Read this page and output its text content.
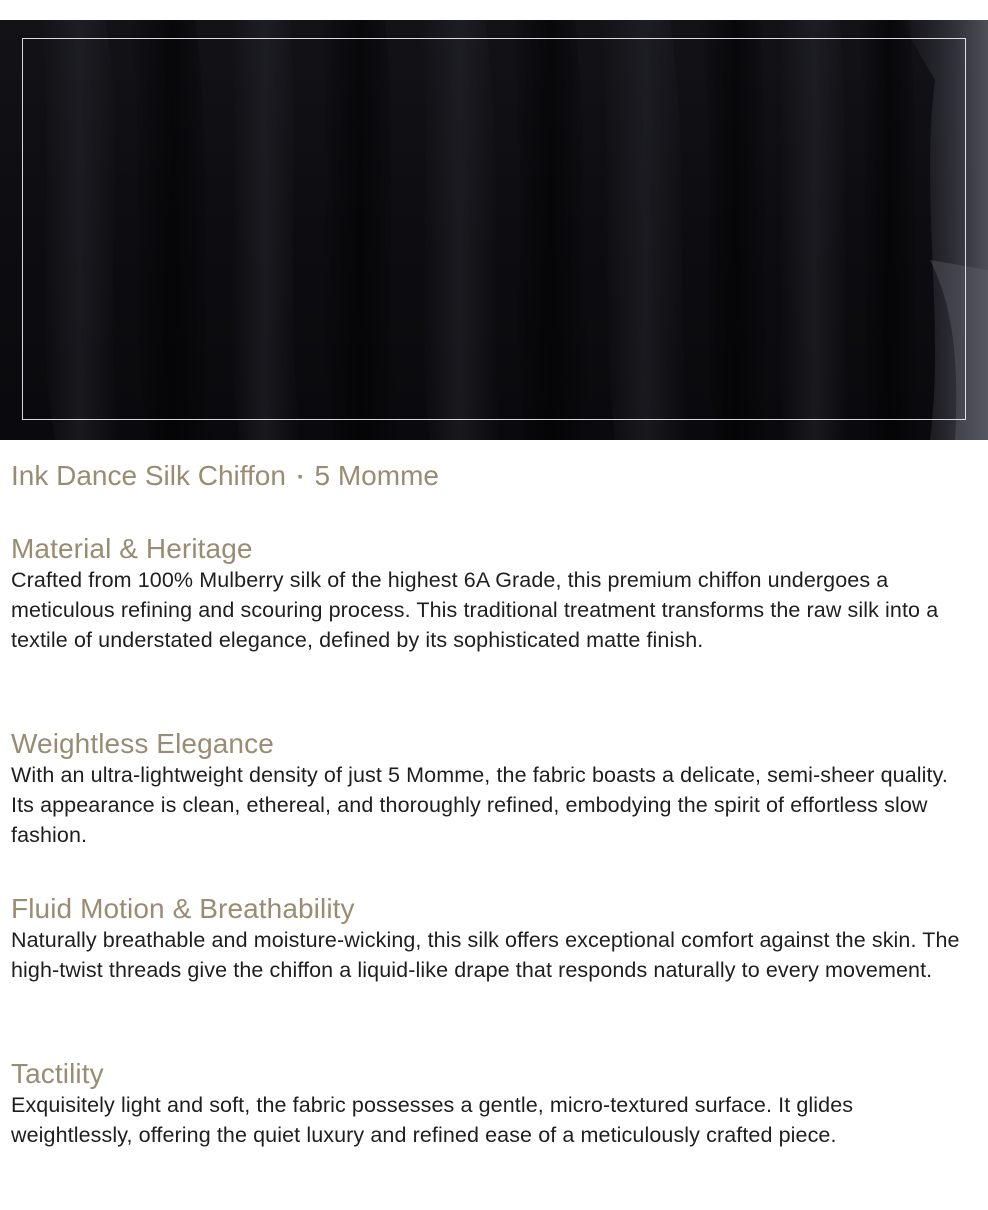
Ink Dance Silk Chiffon ▪ 5 Momme
Material & Heritage

Crafted from 100% Mulberry silk of the highest 6A Grade, this premium chiffon undergoes a meticulous refining and scouring process. This traditional treatment transforms the raw silk into a textile of understated elegance, defined by its sophisticated matte finish.

Weightless Elegance

With an ultra-lightweight density of just 5 Momme, the fabric boasts a delicate, semi-sheer quality. Its appearance is clean, ethereal, and thoroughly refined, embodying the spirit of effortless slow fashion.

Fluid Motion & Breathability

Naturally breathable and moisture-wicking, this silk offers exceptional comfort against the skin. The high-twist threads give the chiffon a liquid-like drape that responds naturally to every movement.

Tactility

Exquisitely light and soft, the fabric possesses a gentle, micro-textured surface. It glides weightlessly, offering the quiet luxury and refined ease of a meticulously crafted piece.
